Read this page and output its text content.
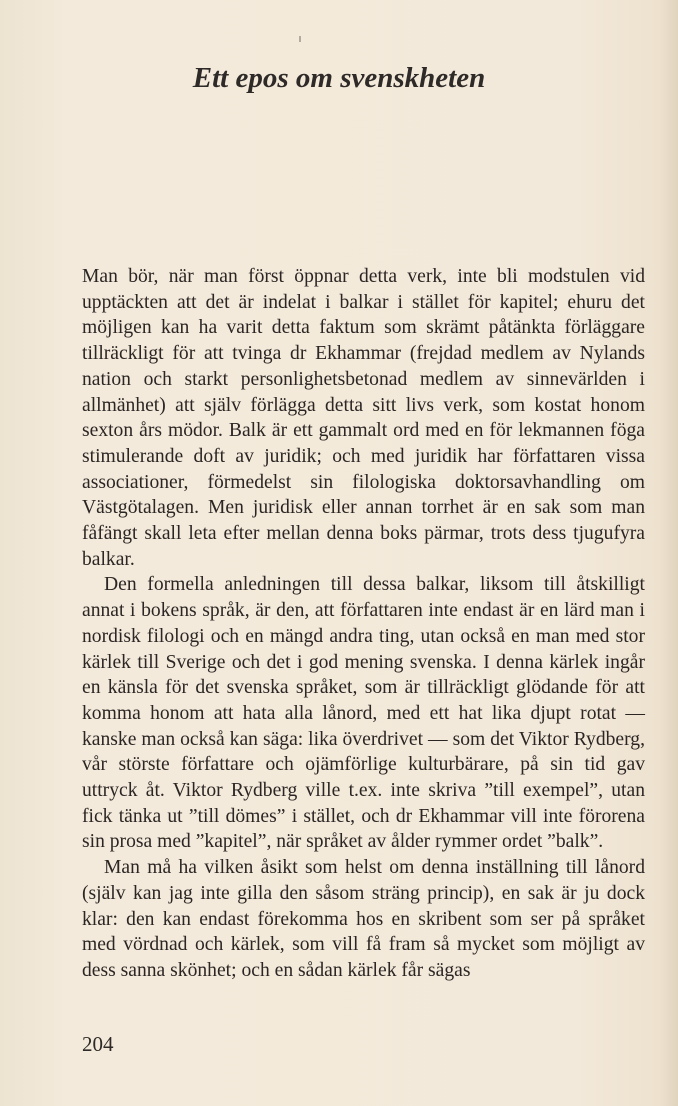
Ett epos om svenskheten

Man bör, när man först öppnar detta verk, inte bli modstulen vid upptäckten att det är indelat i balkar i stället för kapitel; ehuru det möjligen kan ha varit detta faktum som skrämt påtänkta förläggare tillräckligt för att tvinga dr Ekhammar (frejdad medlem av Nylands nation och starkt personlighetsbetonad medlem av sinnevärlden i allmänhet) att själv förlägga detta sitt livs verk, som kostat honom sexton års mödor. Balk är ett gammalt ord med en för lekmannen föga stimulerande doft av juridik; och med juridik har författaren vissa associationer, förmedelst sin filologiska doktorsavhandling om Västgötalagen. Men juridisk eller annan torrhet är en sak som man fåfängt skall leta efter mellan denna boks pärmar, trots dess tjugufyra balkar.

Den formella anledningen till dessa balkar, liksom till åtskilligt annat i bokens språk, är den, att författaren inte endast är en lärd man i nordisk filologi och en mängd andra ting, utan också en man med stor kärlek till Sverige och det i god mening svenska. I denna kärlek ingår en känsla för det svenska språket, som är tillräckligt glödande för att komma honom att hata alla lånord, med ett hat lika djupt rotat — kanske man också kan säga: lika överdrivet — som det Viktor Rydberg, vår störste författare och ojämförlige kulturbärare, på sin tid gav uttryck åt. Viktor Rydberg ville t.ex. inte skriva ”till exempel”, utan fick tänka ut ”till dömes” i stället, och dr Ekhammar vill inte förorena sin prosa med ”kapitel”, när språket av ålder rymmer ordet ”balk”.

Man må ha vilken åsikt som helst om denna inställning till lånord (själv kan jag inte gilla den såsom sträng princip), en sak är ju dock klar: den kan endast förekomma hos en skribent som ser på språket med vördnad och kärlek, som vill få fram så mycket som möjligt av dess sanna skönhet; och en sådan kärlek får sägas

204
